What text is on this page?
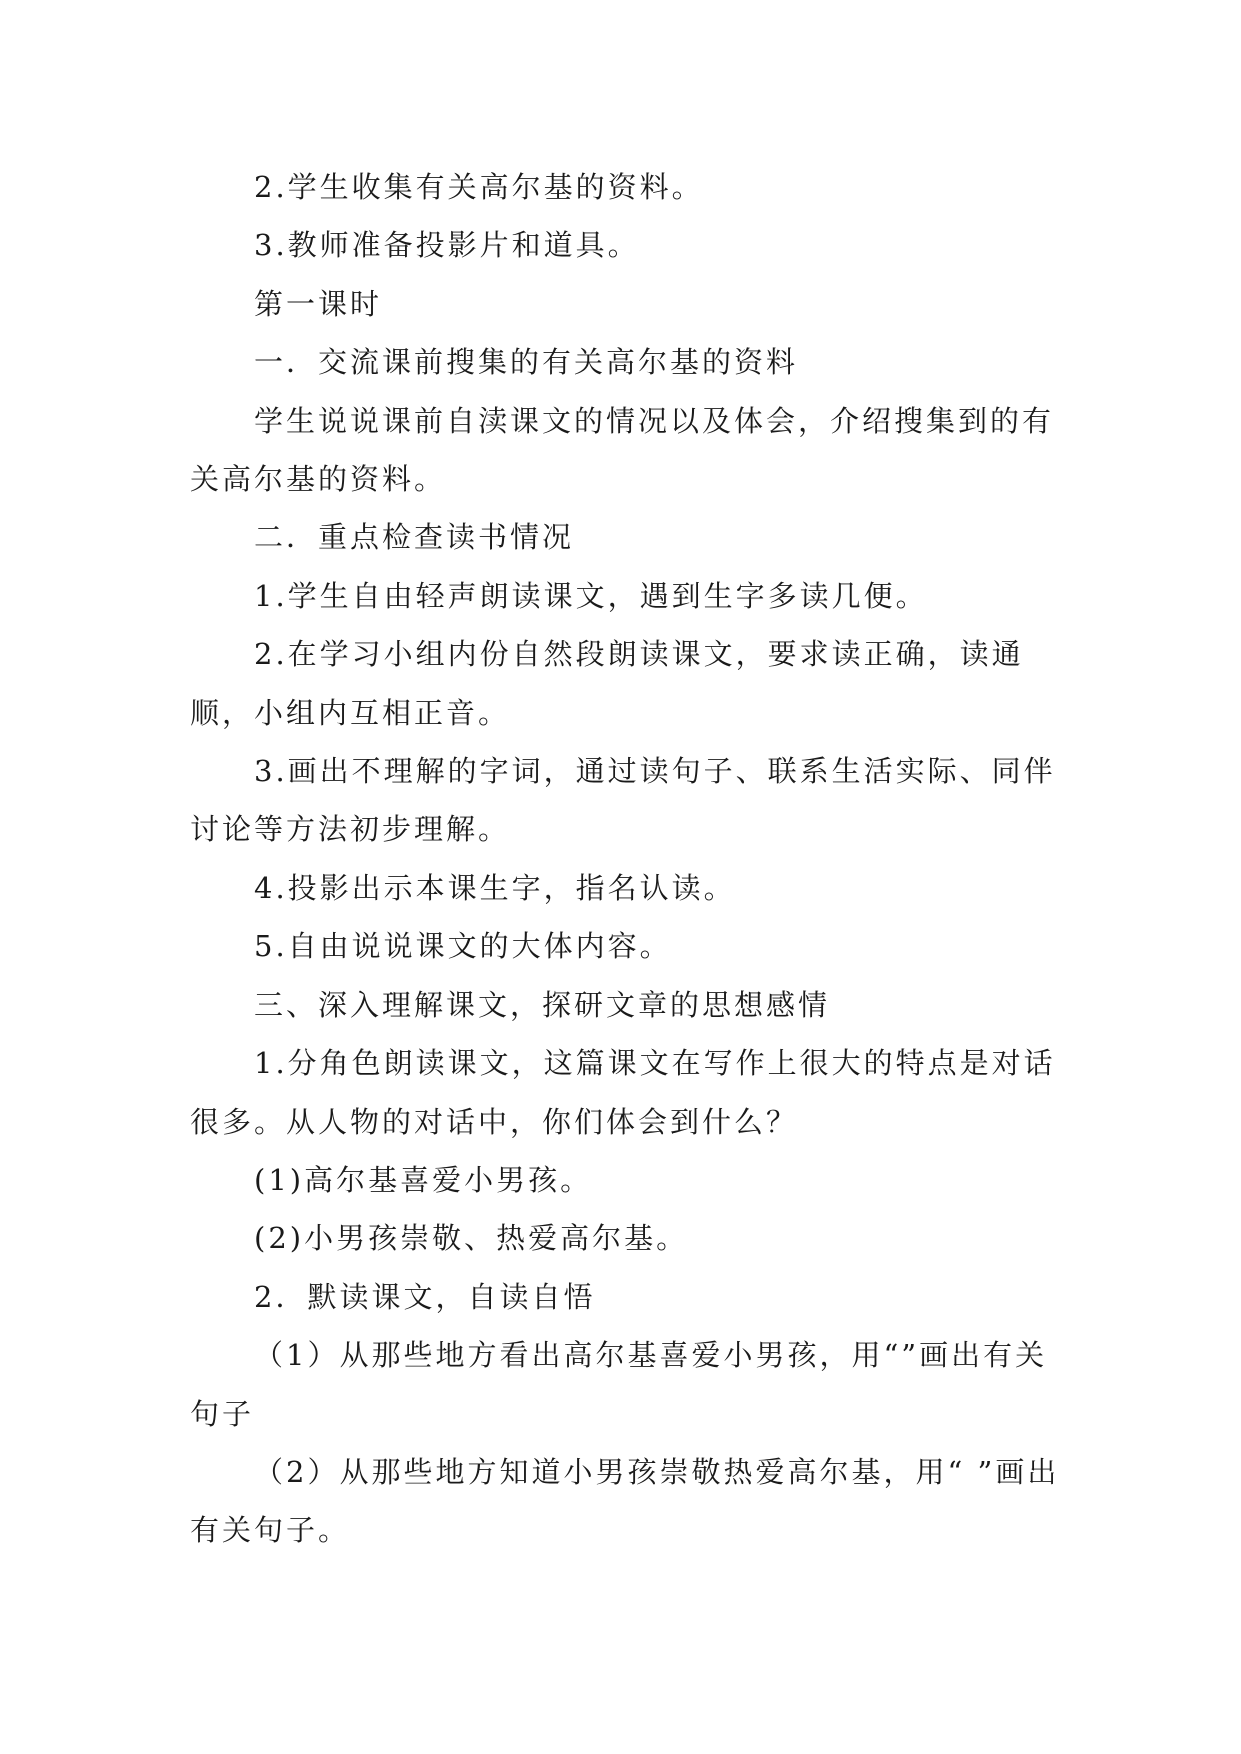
2.学生收集有关高尔基的资料。

3.教师准备投影片和道具。

第一课时

一．交流课前搜集的有关高尔基的资料

学生说说课前自渎课文的情况以及体会，介绍搜集到的有关高尔基的资料。

二．重点检查读书情况

1.学生自由轻声朗读课文，遇到生字多读几便。

2.在学习小组内份自然段朗读课文，要求读正确，读通顺，小组内互相正音。

3.画出不理解的字词，通过读句子、联系生活实际、同伴讨论等方法初步理解。

4.投影出示本课生字，指名认读。

5.自由说说课文的大体内容。

三、深入理解课文，探研文章的思想感情

1.分角色朗读课文，这篇课文在写作上很大的特点是对话很多。从人物的对话中，你们体会到什么？

(1)高尔基喜爱小男孩。

(2)小男孩崇敬、热爱高尔基。

2．默读课文，自读自悟

（1）从那些地方看出高尔基喜爱小男孩，用“”画出有关句子

（2）从那些地方知道小男孩崇敬热爱高尔基，用“ ”画出有关句子。
